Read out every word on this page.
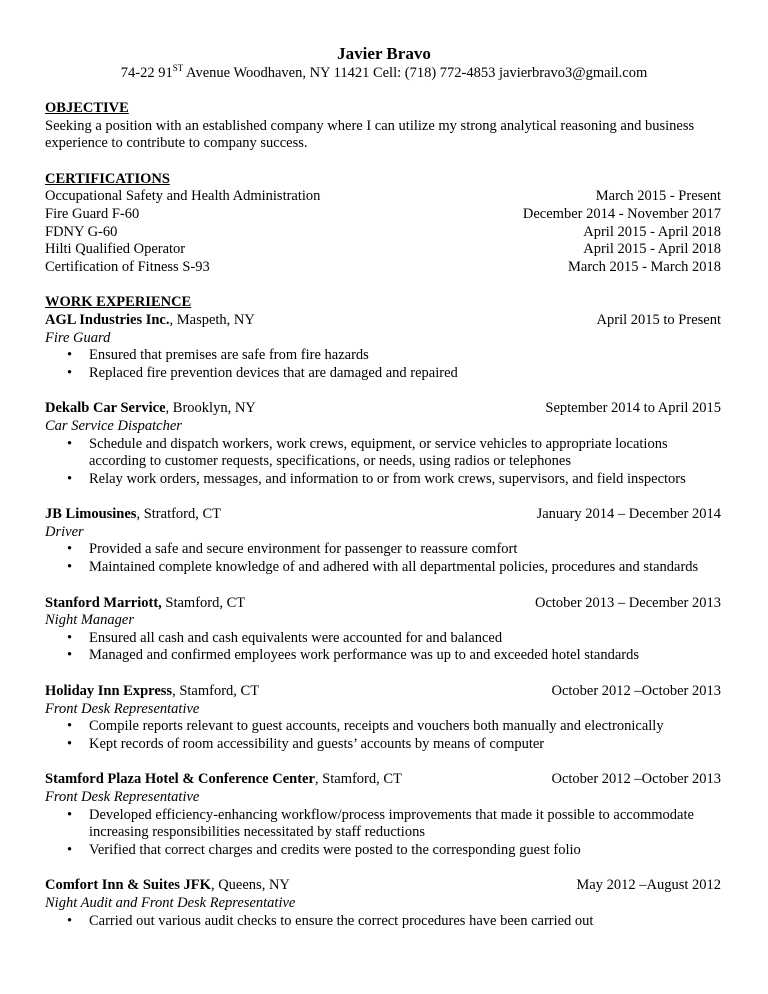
Javier Bravo
74-22 91ST Avenue Woodhaven, NY 11421 Cell: (718) 772-4853 javierbravo3@gmail.com
OBJECTIVE
Seeking a position with an established company where I can utilize my strong analytical reasoning and business experience to contribute to company success.
CERTIFICATIONS
Occupational Safety and Health Administration	March 2015 - Present
Fire Guard F-60	December 2014 - November 2017
FDNY G-60	April 2015 - April 2018
Hilti Qualified Operator	April 2015 - April 2018
Certification of Fitness S-93	March 2015 - March 2018
WORK EXPERIENCE
AGL Industries Inc., Maspeth, NY	April 2015 to Present
Fire Guard
• Ensured that premises are safe from fire hazards
• Replaced fire prevention devices that are damaged and repaired
Dekalb Car Service, Brooklyn, NY	September 2014 to April 2015
Car Service Dispatcher
• Schedule and dispatch workers, work crews, equipment, or service vehicles to appropriate locations according to customer requests, specifications, or needs, using radios or telephones
• Relay work orders, messages, and information to or from work crews, supervisors, and field inspectors
JB Limousines, Stratford, CT	January 2014 – December 2014
Driver
• Provided a safe and secure environment for passenger to reassure comfort
• Maintained complete knowledge of and adhered with all departmental policies, procedures and standards
Stanford Marriott, Stamford, CT	October 2013 – December 2013
Night Manager
• Ensured all cash and cash equivalents were accounted for and balanced
• Managed and confirmed employees work performance was up to and exceeded hotel standards
Holiday Inn Express, Stamford, CT	October 2012 –October 2013
Front Desk Representative
• Compile reports relevant to guest accounts, receipts and vouchers both manually and electronically
• Kept records of room accessibility and guests’ accounts by means of computer
Stamford Plaza Hotel & Conference Center, Stamford, CT	October 2012 –October 2013
Front Desk Representative
• Developed efficiency-enhancing workflow/process improvements that made it possible to accommodate increasing responsibilities necessitated by staff reductions
• Verified that correct charges and credits were posted to the corresponding guest folio
Comfort Inn & Suites JFK, Queens, NY	May 2012 –August 2012
Night Audit and Front Desk Representative
• Carried out various audit checks to ensure the correct procedures have been carried out
